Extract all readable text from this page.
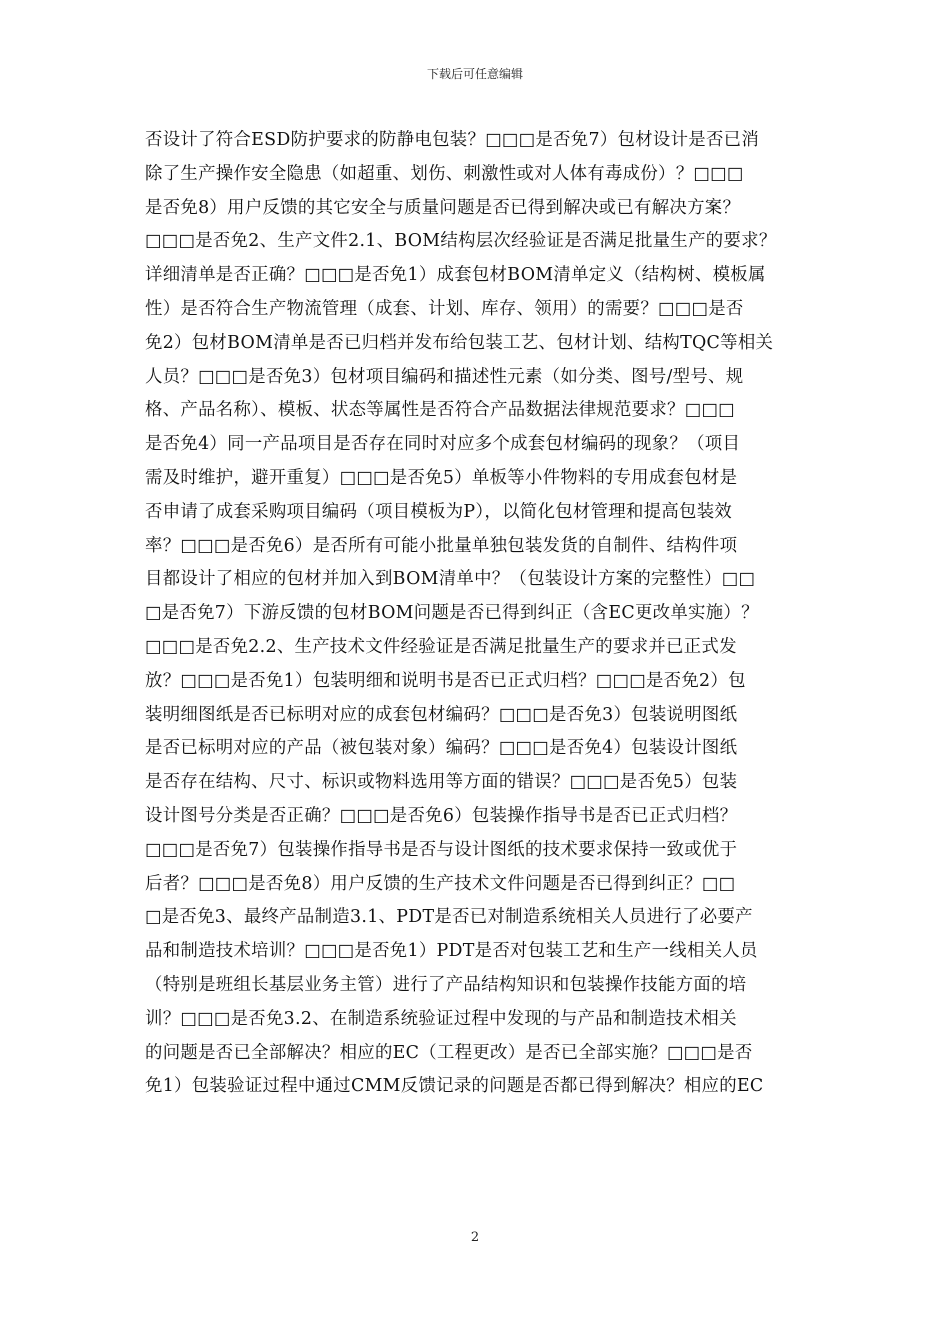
下载后可任意编辑
否设计了符合ESD防护要求的防静电包装？□□□是否免7）包材设计是否已消
除了生产操作安全隐患（如超重、划伤、刺激性或对人体有毒成份）？□□□
是否免8）用户反馈的其它安全与质量问题是否已得到解决或已有解决方案？
□□□是否免2、生产文件2.1、BOM结构层次经验证是否满足批量生产的要求？
详细清单是否正确？□□□是否免1）成套包材BOM清单定义（结构树、模板属
性）是否符合生产物流管理（成套、计划、库存、领用）的需要？□□□是否
免2）包材BOM清单是否已归档并发布给包装工艺、包材计划、结构TQC等相关
人员？□□□是否免3）包材项目编码和描述性元素（如分类、图号/型号、规
格、产品名称）、模板、状态等属性是否符合产品数据法律规范要求？□□□
是否免4）同一产品项目是否存在同时对应多个成套包材编码的现象？（项目
需及时维护，避开重复）□□□是否免5）单板等小件物料的专用成套包材是
否申请了成套采购项目编码（项目模板为P），以简化包材管理和提高包装效
率？□□□是否免6）是否所有可能小批量单独包装发货的自制件、结构件项
目都设计了相应的包材并加入到BOM清单中？（包装设计方案的完整性）□□
□是否免7）下游反馈的包材BOM问题是否已得到纠正（含EC更改单实施）？
□□□是否免2.2、生产技术文件经验证是否满足批量生产的要求并已正式发
放？□□□是否免1）包装明细和说明书是否已正式归档？□□□是否免2）包
装明细图纸是否已标明对应的成套包材编码？□□□是否免3）包装说明图纸
是否已标明对应的产品（被包装对象）编码？□□□是否免4）包装设计图纸
是否存在结构、尺寸、标识或物料选用等方面的错误？□□□是否免5）包装
设计图号分类是否正确？□□□是否免6）包装操作指导书是否已正式归档？
□□□是否免7）包装操作指导书是否与设计图纸的技术要求保持一致或优于
后者？□□□是否免8）用户反馈的生产技术文件问题是否已得到纠正？□□
□是否免3、最终产品制造3.1、PDT是否已对制造系统相关人员进行了必要产
品和制造技术培训？□□□是否免1）PDT是否对包装工艺和生产一线相关人员
（特别是班组长基层业务主管）进行了产品结构知识和包装操作技能方面的培
训？□□□是否免3.2、在制造系统验证过程中发现的与产品和制造技术相关
的问题是否已全部解决？相应的EC（工程更改）是否已全部实施？□□□是否
免1）包装验证过程中通过CMM反馈记录的问题是否都已得到解决？相应的EC
2
